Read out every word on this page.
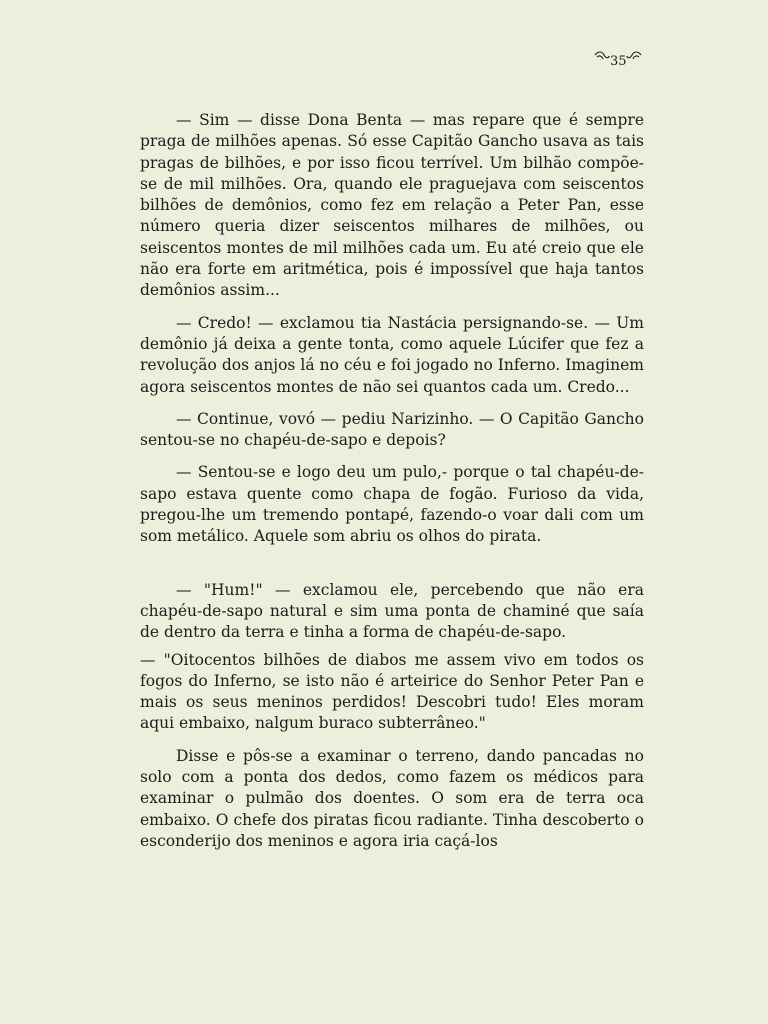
35

— Sim — disse Dona Benta — mas repare que é sempre praga de milhões apenas. Só esse Capitão Gancho usava as tais pragas de bilhões, e por isso ficou terrível. Um bilhão compõe-se de mil milhões. Ora, quando ele praguejava com seiscentos bilhões de demônios, como fez em relação a Peter Pan, esse número queria dizer seiscentos milhares de milhões, ou seiscentos montes de mil milhões cada um. Eu até creio que ele não era forte em aritmética, pois é impossível que haja tantos demônios assim...

— Credo! — exclamou tia Nastácia persignando-se. — Um demônio já deixa a gente tonta, como aquele Lúcifer que fez a revolução dos anjos lá no céu e foi jogado no Inferno. Imaginem agora seiscentos montes de não sei quantos cada um. Credo...

— Continue, vovó — pediu Narizinho. — O Capitão Gancho sentou-se no chapéu-de-sapo e depois?

— Sentou-se e logo deu um pulo,- porque o tal chapéu-de-sapo estava quente como chapa de fogão. Furioso da vida, pregou-lhe um tremendo pontapé, fazendo-o voar dali com um som metálico. Aquele som abriu os olhos do pirata.

— "Hum!" — exclamou ele, percebendo que não era chapéu-de-sapo natural e sim uma ponta de chaminé que saía de dentro da terra e tinha a forma de chapéu-de-sapo.

— "Oitocentos bilhões de diabos me assem vivo em todos os fogos do Inferno, se isto não é arteirice do Senhor Peter Pan e mais os seus meninos perdidos! Descobri tudo! Eles moram aqui embaixo, nalgum buraco subterrâneo."

Disse e pôs-se a examinar o terreno, dando pancadas no solo com a ponta dos dedos, como fazem os médicos para examinar o pulmão dos doentes. O som era de terra oca embaixo. O chefe dos piratas ficou radiante. Tinha descoberto o esconderijo dos meninos e agora iria caçá-los
